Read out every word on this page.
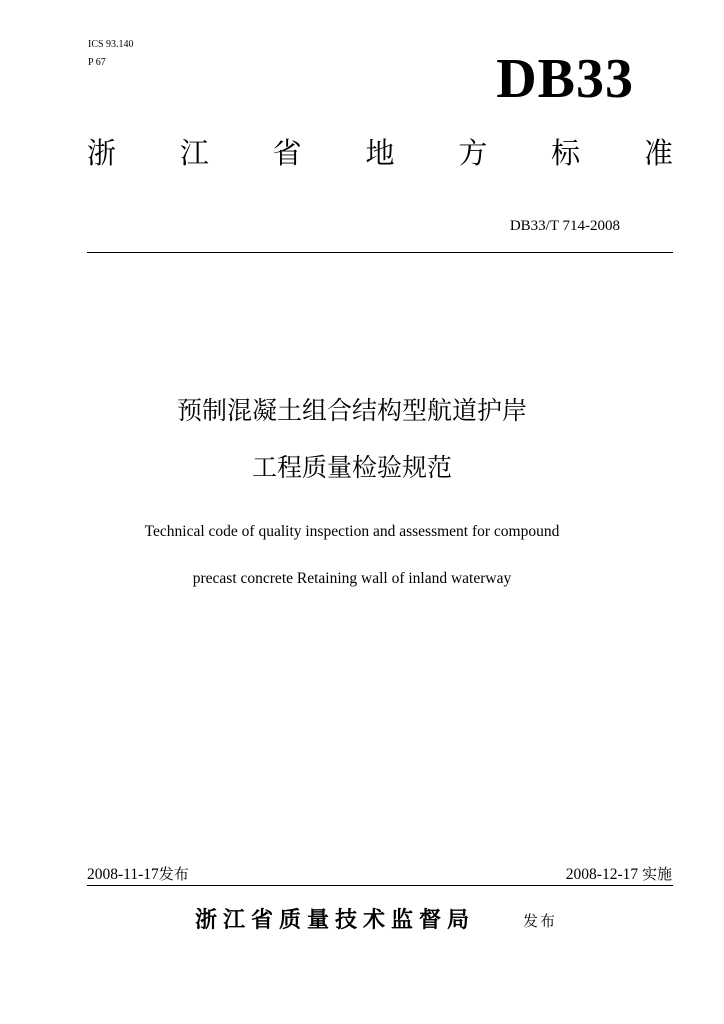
ICS 93.140
P 67	DB33
浙 江 省 地 方 标 准
DB33/T 714-2008
预制混凝土组合结构型航道护岸
工程质量检验规范
Technical code of quality inspection and assessment for compound
precast concrete Retaining wall of inland waterway
2008-11-17发布	2008-12-17 实施
浙江省质量技术监督局	发布
